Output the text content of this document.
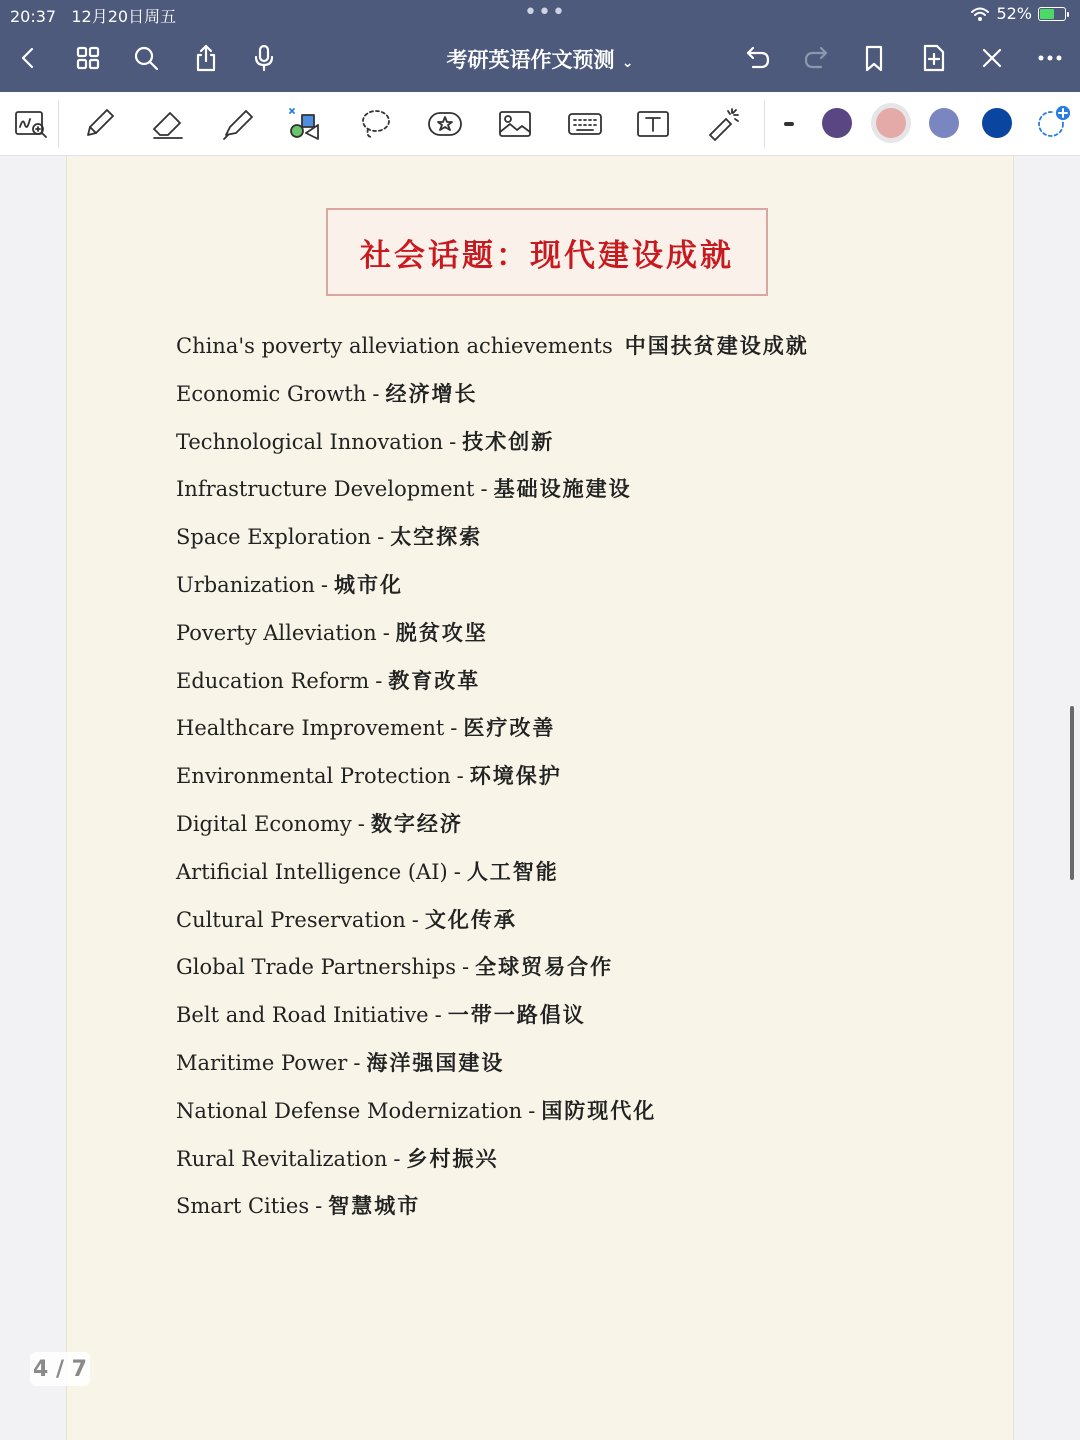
20:37 12月20日周五	•••	52%
考研英语作文预测 ⌄
社会话题：现代建设成就
China's poverty alleviation achievements 中国扶贫建设成就
Economic Growth - 经济增长
Technological Innovation - 技术创新
Infrastructure Development - 基础设施建设
Space Exploration - 太空探索
Urbanization - 城市化
Poverty Alleviation - 脱贫攻坚
Education Reform - 教育改革
Healthcare Improvement - 医疗改善
Environmental Protection - 环境保护
Digital Economy - 数字经济
Artificial Intelligence (AI) - 人工智能
Cultural Preservation - 文化传承
Global Trade Partnerships - 全球贸易合作
Belt and Road Initiative - 一带一路倡议
Maritime Power - 海洋强国建设
National Defense Modernization - 国防现代化
Rural Revitalization - 乡村振兴
Smart Cities - 智慧城市
4 / 7
